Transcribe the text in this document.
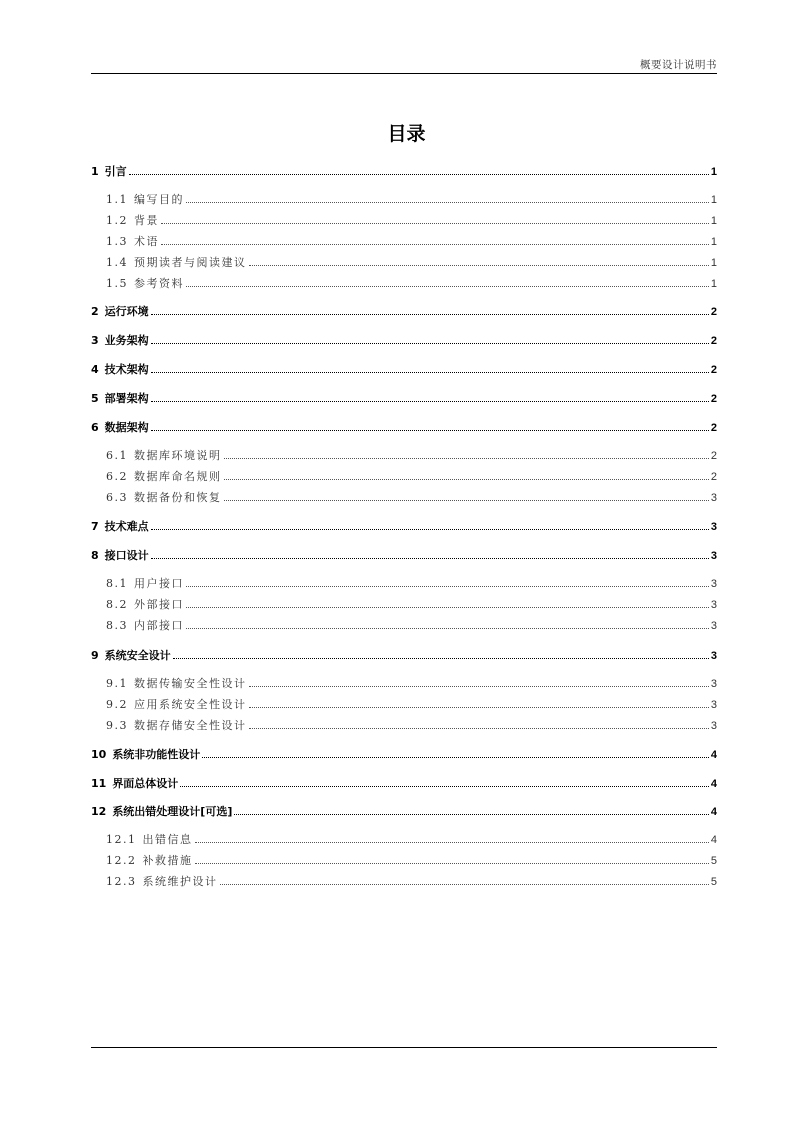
概要设计说明书
目录
1 引言	1
1.1 编写目的	1
1.2 背景	1
1.3 术语	1
1.4 预期读者与阅读建议	1
1.5 参考资料	1
2 运行环境	2
3 业务架构	2
4 技术架构	2
5 部署架构	2
6 数据架构	2
6.1 数据库环境说明	2
6.2 数据库命名规则	2
6.3 数据备份和恢复	3
7 技术难点	3
8 接口设计	3
8.1 用户接口	3
8.2 外部接口	3
8.3 内部接口	3
9 系统安全设计	3
9.1 数据传输安全性设计	3
9.2 应用系统安全性设计	3
9.3 数据存储安全性设计	3
10 系统非功能性设计	4
11 界面总体设计	4
12 系统出错处理设计[可选]	4
12.1 出错信息	4
12.2 补救措施	5
12.3 系统维护设计	5
